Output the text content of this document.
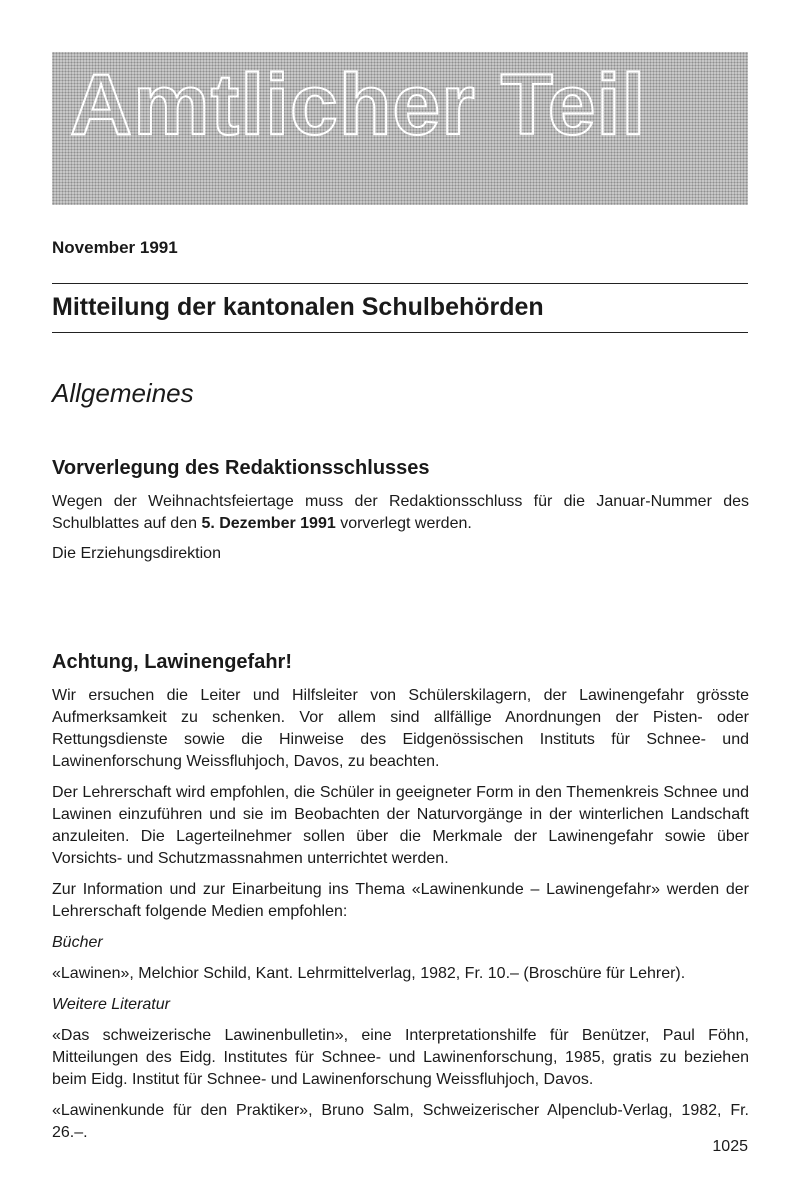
Amtlicher Teil
November 1991
Mitteilung der kantonalen Schulbehörden
Allgemeines
Vorverlegung des Redaktionsschlusses

Wegen der Weihnachtsfeiertage muss der Redaktionsschluss für die Januar-Nummer des Schulblattes auf den 5. Dezember 1991 vorverlegt werden.

Die Erziehungsdirektion

Achtung, Lawinengefahr!

Wir ersuchen die Leiter und Hilfsleiter von Schülerskilagern, der Lawinengefahr grösste Aufmerksamkeit zu schenken. Vor allem sind allfällige Anordnungen der Pisten- oder Rettungsdienste sowie die Hinweise des Eidgenössischen Instituts für Schnee- und Lawinenforschung Weissfluhjoch, Davos, zu beachten.

Der Lehrerschaft wird empfohlen, die Schüler in geeigneter Form in den Themenkreis Schnee und Lawinen einzuführen und sie im Beobachten der Naturvorgänge in der winterlichen Landschaft anzuleiten. Die Lagerteilnehmer sollen über die Merkmale der Lawinengefahr sowie über Vorsichts- und Schutzmassnahmen unterrichtet werden.

Zur Information und zur Einarbeitung ins Thema «Lawinenkunde – Lawinengefahr» werden der Lehrerschaft folgende Medien empfohlen:

Bücher

«Lawinen», Melchior Schild, Kant. Lehrmittelverlag, 1982, Fr. 10.– (Broschüre für Lehrer).

Weitere Literatur

«Das schweizerische Lawinenbulletin», eine Interpretationshilfe für Benützer, Paul Föhn, Mitteilungen des Eidg. Institutes für Schnee- und Lawinenforschung, 1985, gratis zu beziehen beim Eidg. Institut für Schnee- und Lawinenforschung Weissfluhjoch, Davos.

«Lawinenkunde für den Praktiker», Bruno Salm, Schweizerischer Alpenclub-Verlag, 1982, Fr. 26.–.

1025
